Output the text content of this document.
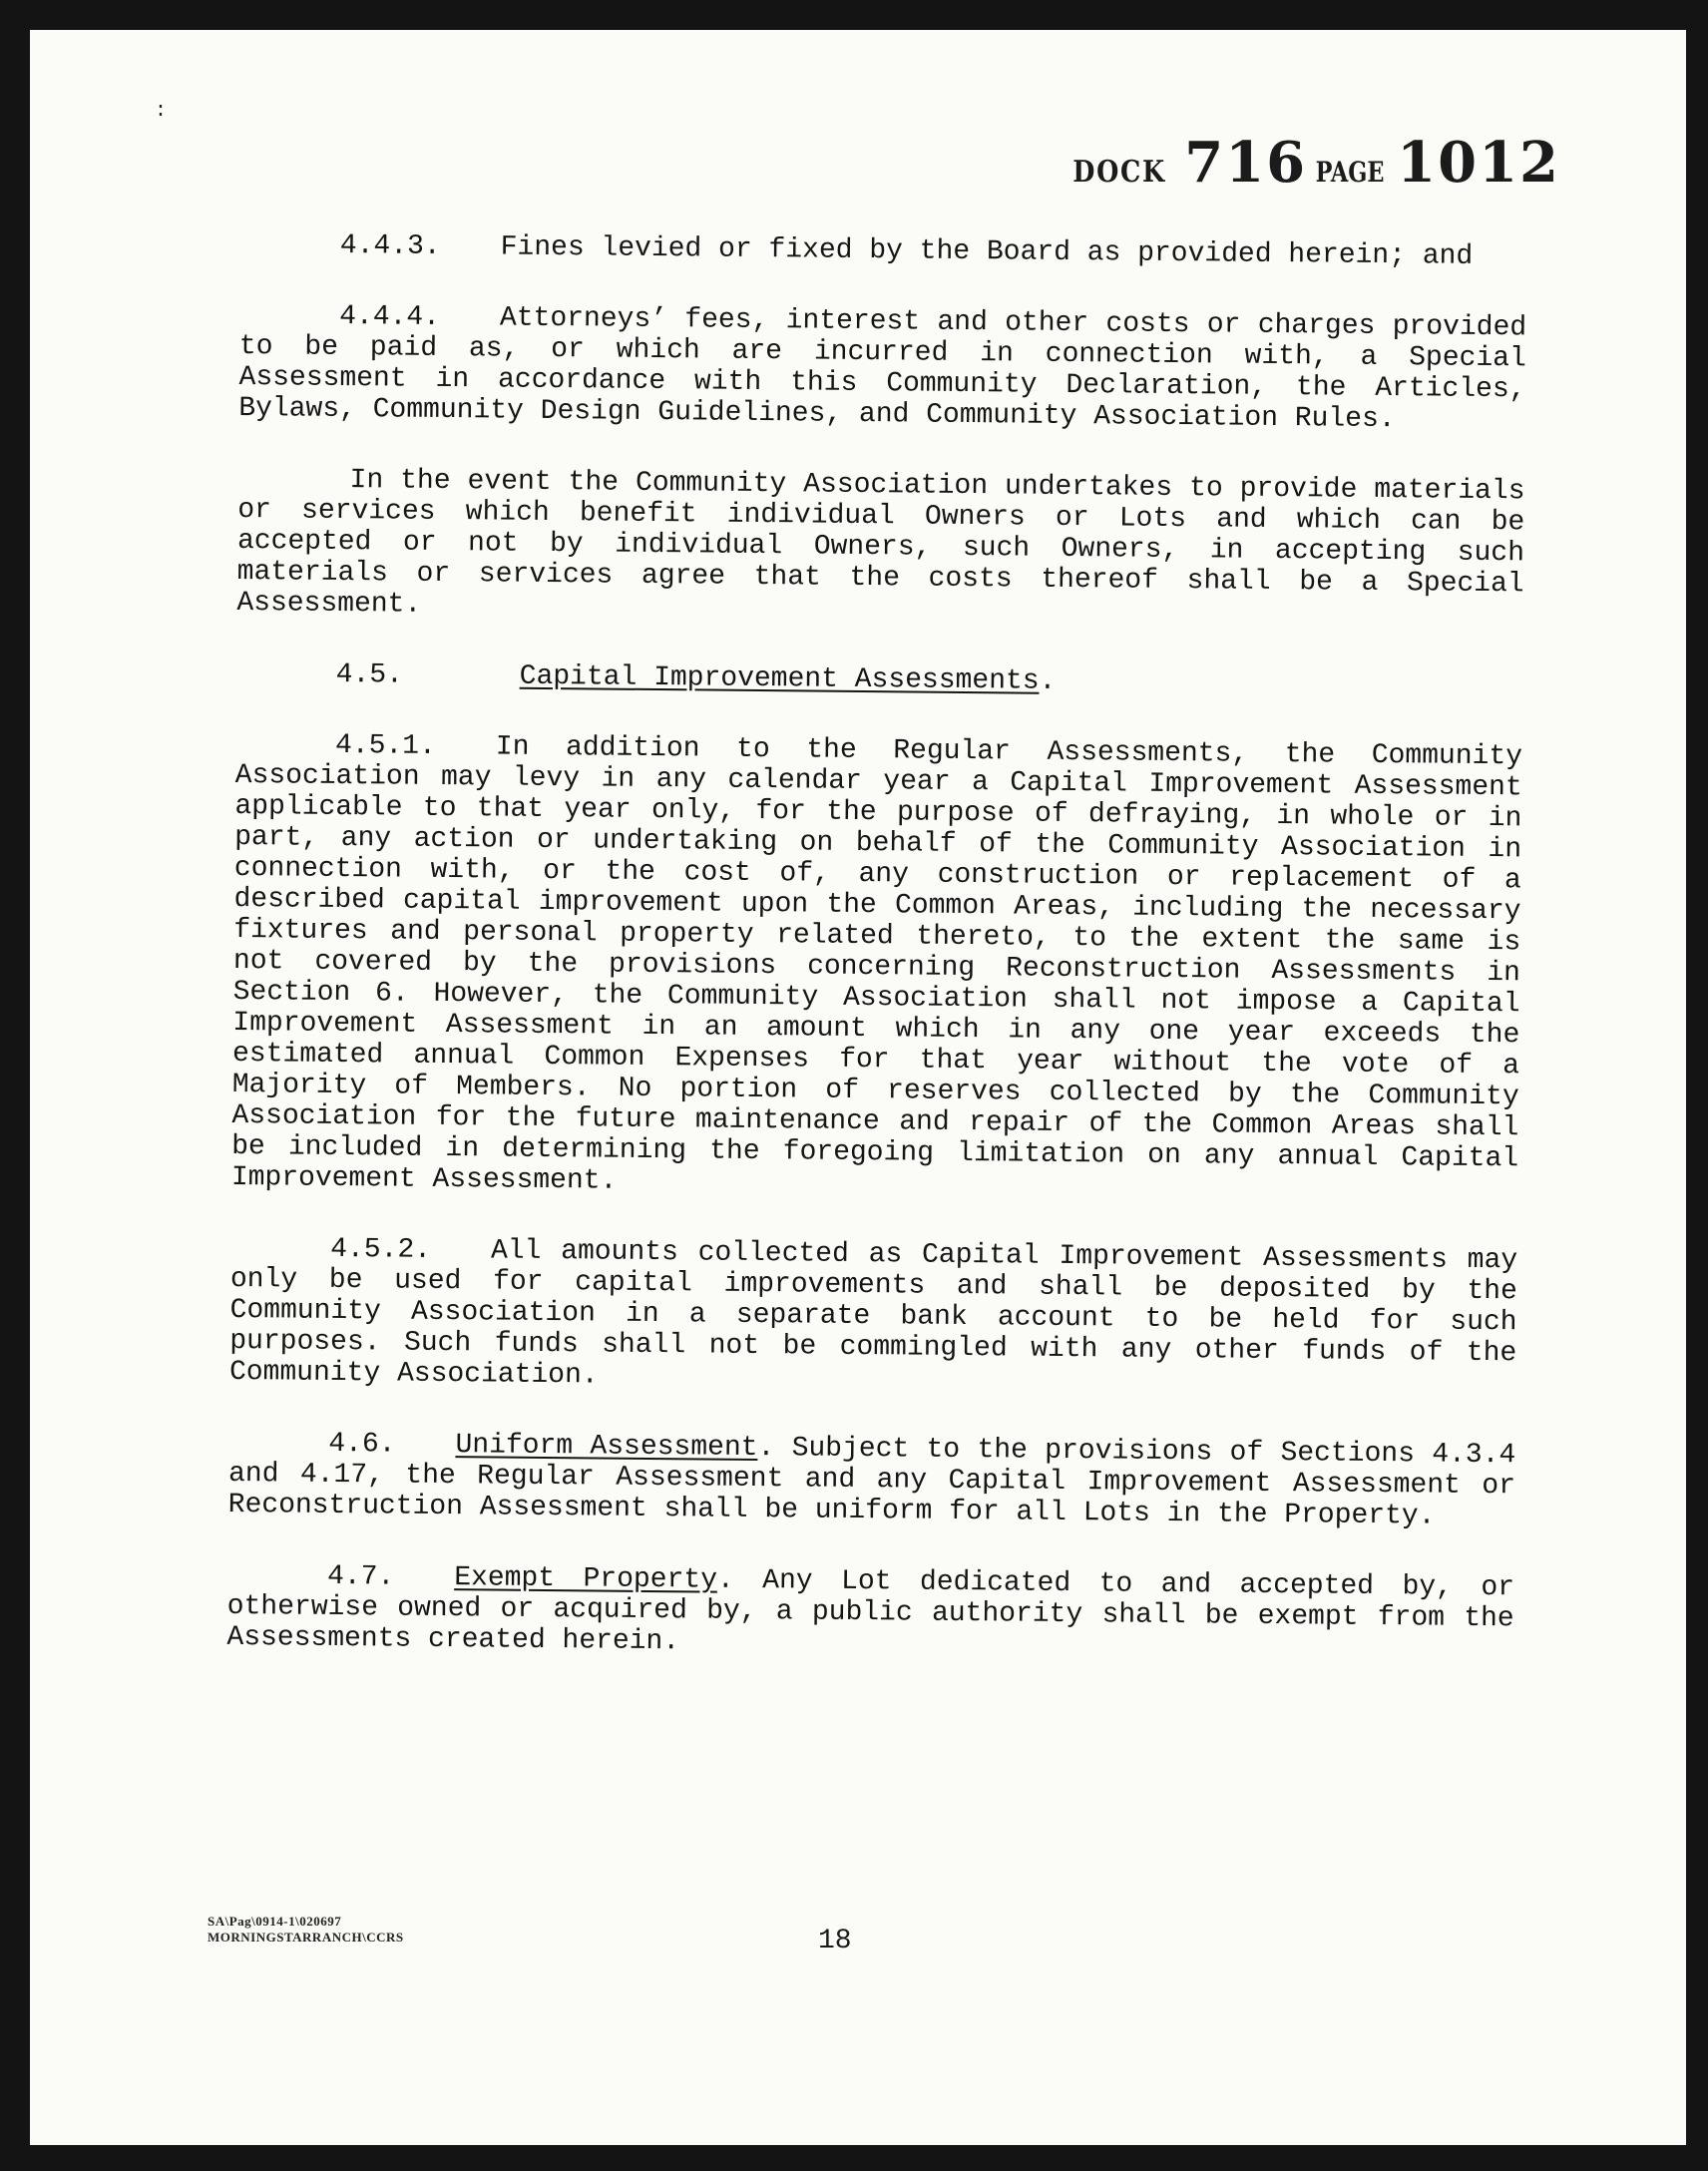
:
DOCK 716 PAGE 1012

4.4.3. Fines levied or fixed by the Board as provided herein; and

4.4.4. Attorneys’ fees, interest and other costs or charges provided to be paid as, or which are incurred in connection with, a Special Assessment in accordance with this Community Declaration, the Articles, Bylaws, Community Design Guidelines, and Community Association Rules.

In the event the Community Association undertakes to provide materials or services which benefit individual Owners or Lots and which can be accepted or not by individual Owners, such Owners, in accepting such materials or services agree that the costs thereof shall be a Special Assessment.

4.5.	Capital Improvement Assessments.

4.5.1. In addition to the Regular Assessments, the Community Association may levy in any calendar year a Capital Improvement Assessment applicable to that year only, for the purpose of defraying, in whole or in part, any action or undertaking on behalf of the Community Association in connection with, or the cost of, any construction or replacement of a described capital improvement upon the Common Areas, including the necessary fixtures and personal property related thereto, to the extent the same is not covered by the provisions concerning Reconstruction Assessments in Section 6. However, the Community Association shall not impose a Capital Improvement Assessment in an amount which in any one year exceeds the estimated annual Common Expenses for that year without the vote of a Majority of Members. No portion of reserves collected by the Community Association for the future maintenance and repair of the Common Areas shall be included in determining the foregoing limitation on any annual Capital Improvement Assessment.

4.5.2. All amounts collected as Capital Improvement Assessments may only be used for capital improvements and shall be deposited by the Community Association in a separate bank account to be held for such purposes. Such funds shall not be commingled with any other funds of the Community Association.

4.6. Uniform Assessment. Subject to the provisions of Sections 4.3.4 and 4.17, the Regular Assessment and any Capital Improvement Assessment or Reconstruction Assessment shall be uniform for all Lots in the Property.

4.7. Exempt Property. Any Lot dedicated to and accepted by, or otherwise owned or acquired by, a public authority shall be exempt from the Assessments created herein.

SA\Pag\0914-1\020697
MORNINGSTARRANCH\CCRS	18
